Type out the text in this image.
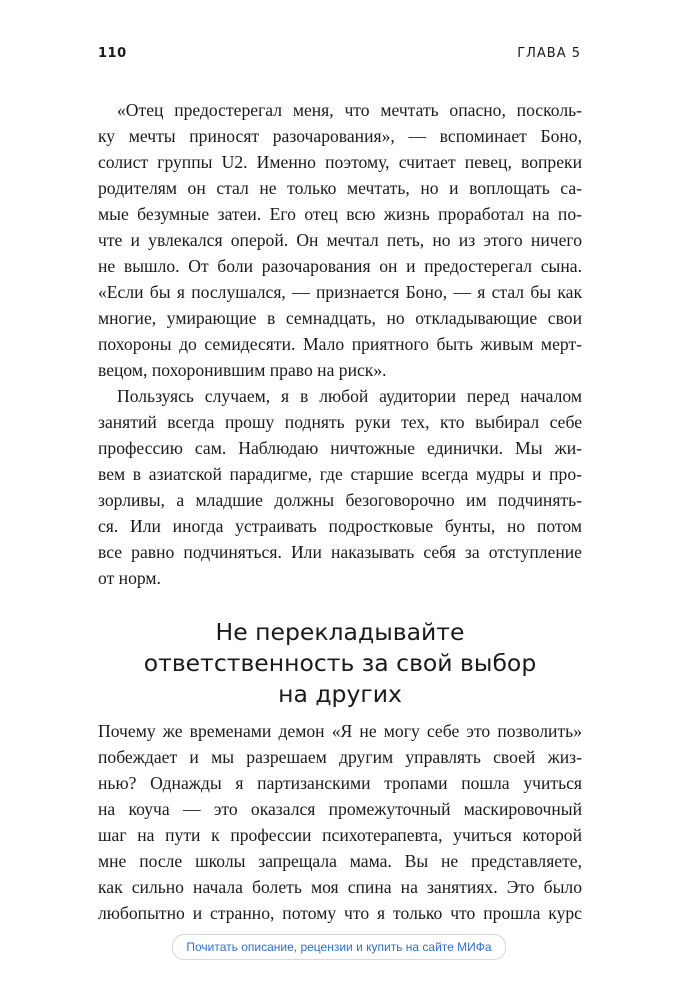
110	ГЛАВА 5
«Отец предостерегал меня, что мечтать опасно, посколь-
ку мечты приносят разочарования», — вспоминает Боно,
солист группы U2. Именно поэтому, считает певец, вопреки
родителям он стал не только мечтать, но и воплощать са-
мые безумные затеи. Его отец всю жизнь проработал на по-
чте и увлекался оперой. Он мечтал петь, но из этого ничего
не вышло. От боли разочарования он и предостерегал сына.
«Если бы я послушался, — признается Боно, — я стал бы как
многие, умирающие в семнадцать, но откладывающие свои
похороны до семидесяти. Мало приятного быть живым мерт-
вецом, похоронившим право на риск».
Пользуясь случаем, я в любой аудитории перед началом
занятий всегда прошу поднять руки тех, кто выбирал себе
профессию сам. Наблюдаю ничтожные единички. Мы жи-
вем в азиатской парадигме, где старшие всегда мудры и про-
зорливы, а младшие должны безоговорочно им подчинять-
ся. Или иногда устраивать подростковые бунты, но потом
все равно подчиняться. Или наказывать себя за отступление
от норм.
Не перекладывайте
ответственность за свой выбор
на других
Почему же временами демон «Я не могу себе это позволить»
побеждает и мы разрешаем другим управлять своей жиз-
нью? Однажды я партизанскими тропами пошла учиться
на коуча — это оказался промежуточный маскировочный
шаг на пути к профессии психотерапевта, учиться которой
мне после школы запрещала мама. Вы не представляете,
как сильно начала болеть моя спина на занятиях. Это было
любопытно и странно, потому что я только что прошла курс
Почитать описание, рецензии и купить на сайте МИФа
